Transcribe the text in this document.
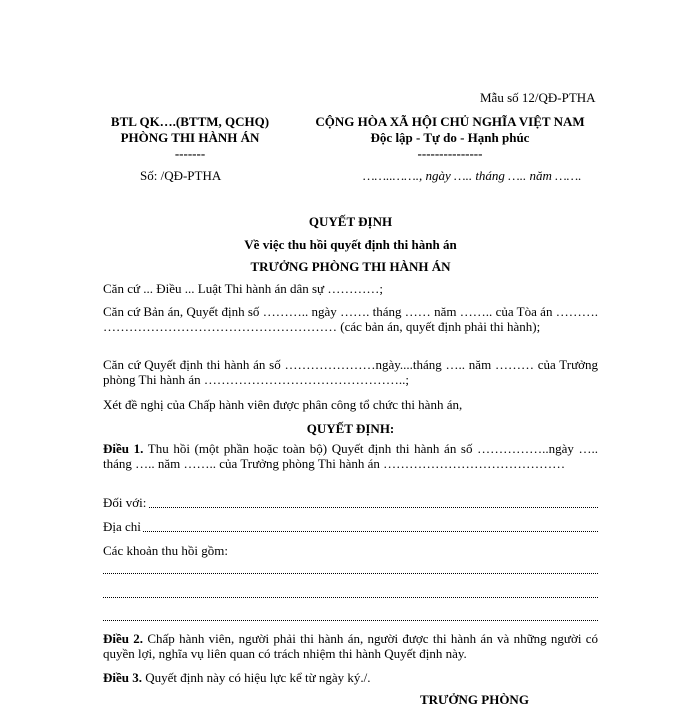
Mẫu số 12/QĐ-PTHA
BTL QK….(BTTM, QCHQ)
PHÒNG THI HÀNH ÁN
-------
Số: /QĐ-PTHA
CỘNG HÒA XÃ HỘI CHỦ NGHĨA VIỆT NAM
Độc lập - Tự do - Hạnh phúc
---------------
……..……., ngày ….. tháng ….. năm …….
QUYẾT ĐỊNH
Về việc thu hồi quyết định thi hành án
TRƯỞNG PHÒNG THI HÀNH ÁN
Căn cứ ... Điều ... Luật Thi hành án dân sự …………;
Căn cứ Bản án, Quyết định số ……….. ngày ……. tháng …… năm …….. của Tòa án ………. ……………………………………………… (các bản án, quyết định phải thi hành);
Căn cứ Quyết định thi hành án số …………………ngày....tháng ….. năm ……… của Trưởng phòng Thi hành án ………………………………………..;
Xét đề nghị của Chấp hành viên được phân công tổ chức thi hành án,
QUYẾT ĐỊNH:
Điều 1. Thu hồi (một phần hoặc toàn bộ) Quyết định thi hành án số ……………..ngày ….. tháng ….. năm …….. của Trưởng phòng Thi hành án ……………………………………
Đối với:
Địa chỉ
Các khoản thu hồi gồm:
Điều 2. Chấp hành viên, người phải thi hành án, người được thi hành án và những người có quyền lợi, nghĩa vụ liên quan có trách nhiệm thi hành Quyết định này.
Điều 3. Quyết định này có hiệu lực kể từ ngày ký./.
TRƯỞNG PHÒNG
